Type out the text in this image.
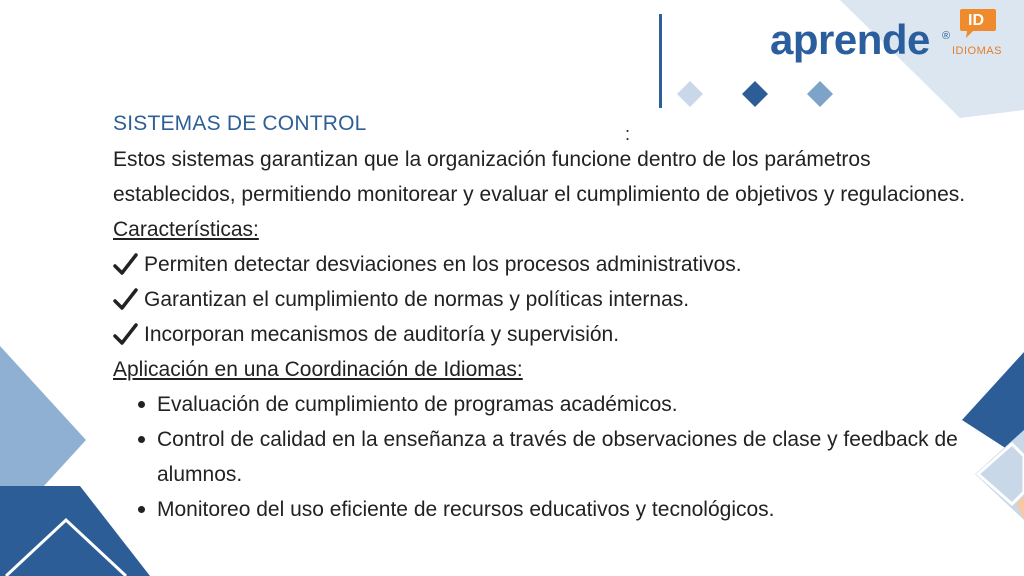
aprende ®
ID
IDIOMAS
SISTEMAS DE CONTROL	:

Estos sistemas garantizan que la organización funcione dentro de los parámetros establecidos, permitiendo monitorear y evaluar el cumplimiento de objetivos y regulaciones.

Características:

Permiten detectar desviaciones en los procesos administrativos.
Garantizan el cumplimiento de normas y políticas internas.
Incorporan mecanismos de auditoría y supervisión.

Aplicación en una Coordinación de Idiomas:

Evaluación de cumplimiento de programas académicos.
Control de calidad en la enseñanza a través de observaciones de clase y feedback de alumnos.
Monitoreo del uso eficiente de recursos educativos y tecnológicos.
